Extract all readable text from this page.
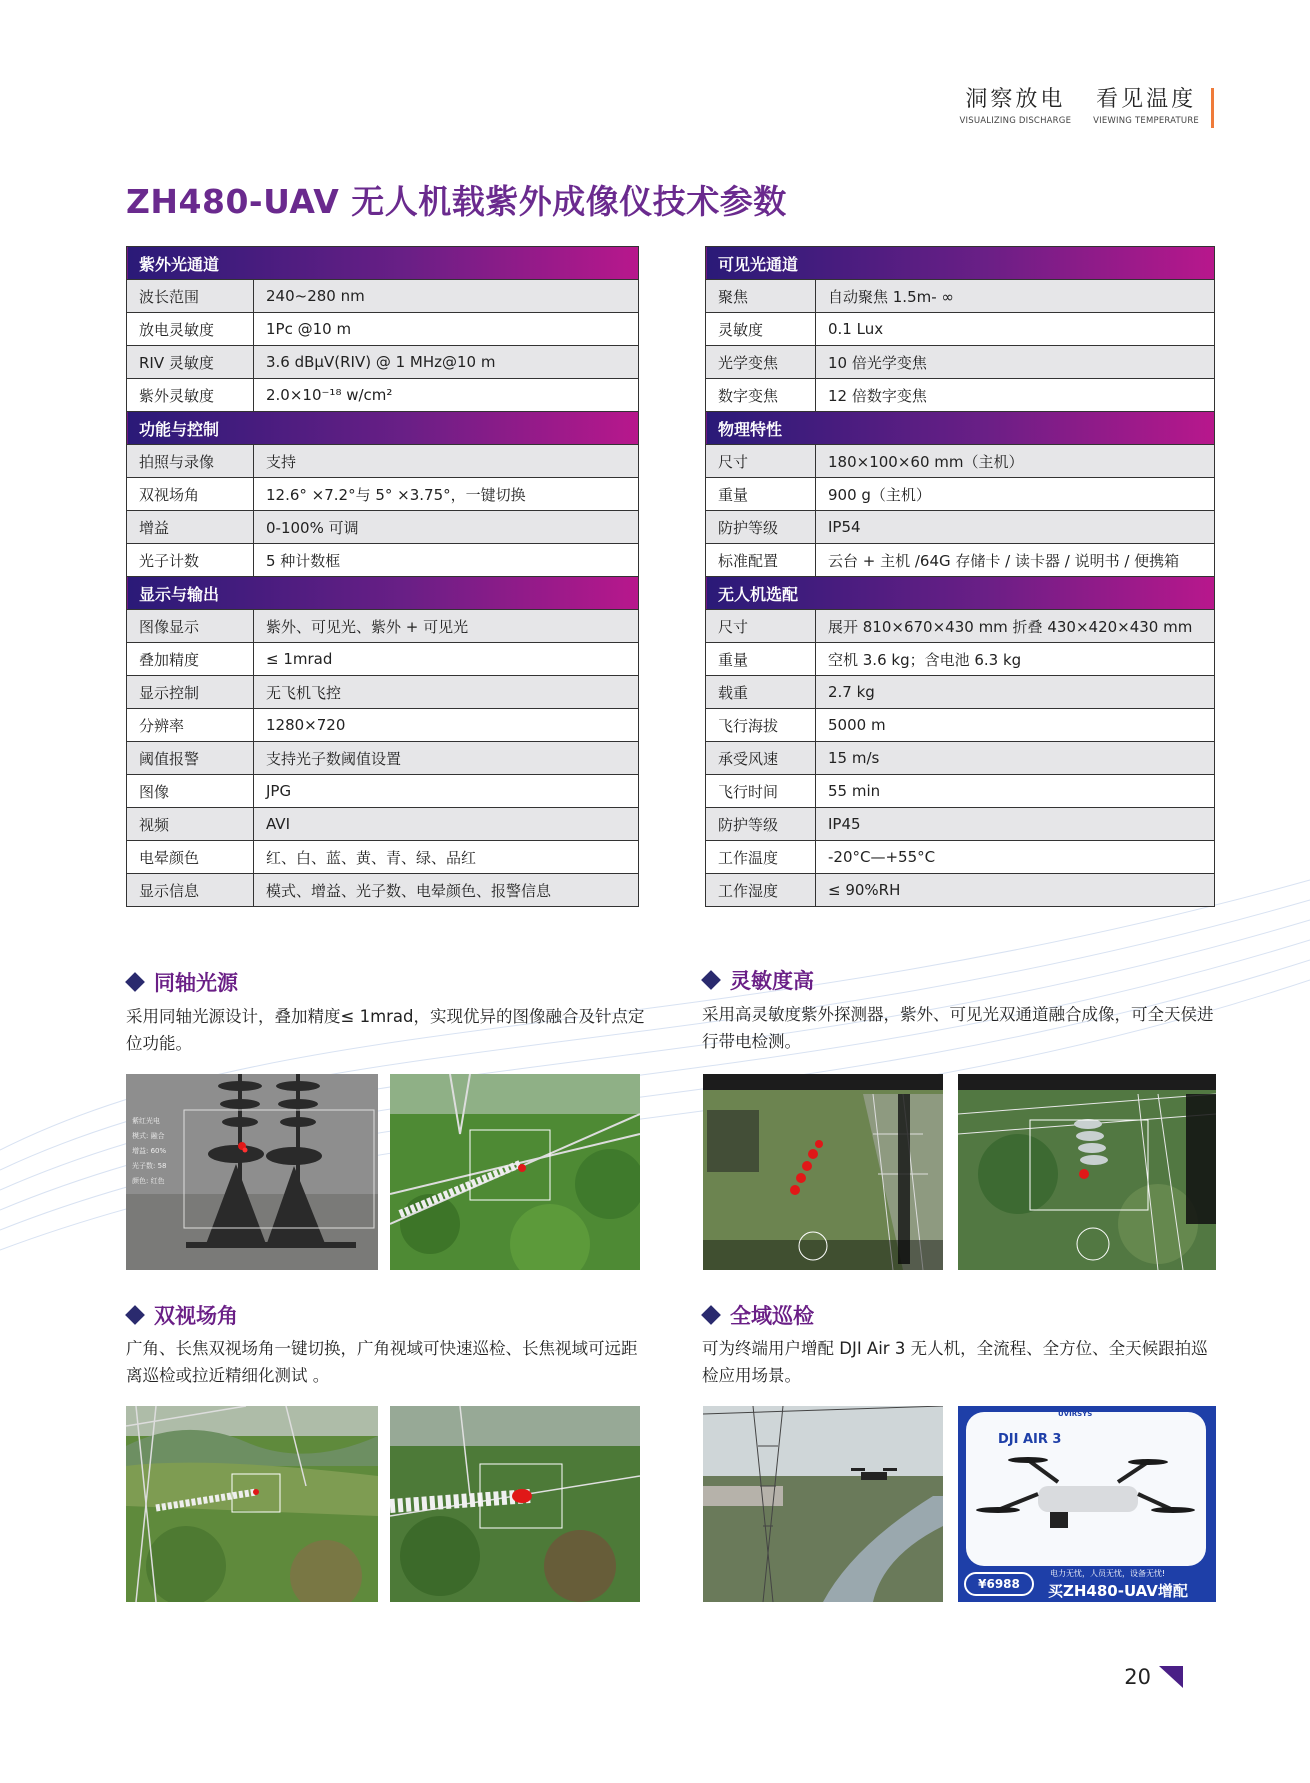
洞察放电
VISUALIZING DISCHARGE
看见温度
VIEWING TEMPERATURE
ZH480-UAV 无人机载紫外成像仪技术参数
紫外光通道	
波长范围	240~280 nm
放电灵敏度	1Pc @10 m
RIV 灵敏度	3.6 dBμV(RIV) @ 1 MHz@10 m
紫外灵敏度	2.0×10⁻¹⁸ w/cm²
功能与控制	
拍照与录像	支持
双视场角	12.6° ×7.2°与 5° ×3.75°，一键切换
增益	0-100% 可调
光子计数	5 种计数框
显示与输出	
图像显示	紫外、可见光、紫外 + 可见光
叠加精度	≤ 1mrad
显示控制	无飞机飞控
分辨率	1280×720
阈值报警	支持光子数阈值设置
图像	JPG
视频	AVI
电晕颜色	红、白、蓝、黄、青、绿、品红
显示信息	模式、增益、光子数、电晕颜色、报警信息
可见光通道	
聚焦	自动聚焦 1.5m- ∞
灵敏度	0.1 Lux
光学变焦	10 倍光学变焦
数字变焦	12 倍数字变焦
物理特性	
尺寸	180×100×60 mm（主机）
重量	900 g（主机）
防护等级	IP54
标准配置	云台 + 主机 /64G 存储卡 / 读卡器 / 说明书 / 便携箱
无人机选配	
尺寸	展开 810×670×430 mm 折叠 430×420×430 mm
重量	空机 3.6 kg；含电池 6.3 kg
载重	2.7 kg
飞行海拔	5000 m
承受风速	15 m/s
飞行时间	55 min
防护等级	IP45
工作温度	-20°C—+55°C
工作湿度	≤ 90%RH
同轴光源
采用同轴光源设计，叠加精度≤ 1mrad，实现优异的图像融合及针点定位功能。
灵敏度高
采用高灵敏度紫外探测器，紫外、可见光双通道融合成像，可全天侯进行带电检测。
双视场角
广角、长焦双视场角一键切换，广角视域可快速巡检、长焦视域可远距离巡检或拉近精细化测试 。
全域巡检
可为终端用户增配 DJI Air 3 无人机，全流程、全方位、全天候跟拍巡检应用场景。
紫红光电
模式: 融合
增益: 60%
光子数: 58
颜色: 红色
UVIRSYS
DJI AIR 3
¥6988
电力无忧，人员无忧，设备无忧!
买ZH480-UAV增配
20
